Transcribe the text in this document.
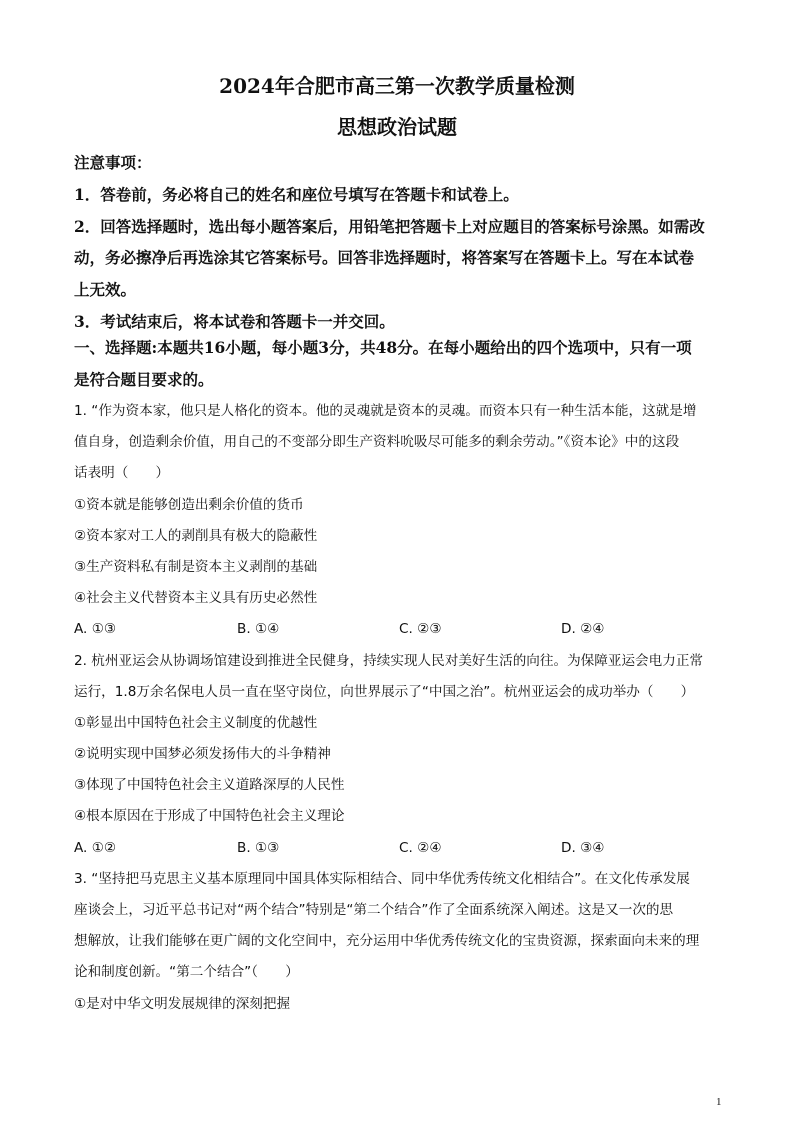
2024年合肥市高三第一次教学质量检测
思想政治试题
注意事项：
1．答卷前，务必将自己的姓名和座位号填写在答题卡和试卷上。
2．回答选择题时，选出每小题答案后，用铅笔把答题卡上对应题目的答案标号涂黑。如需改
动，务必擦净后再选涂其它答案标号。回答非选择题时，将答案写在答题卡上。写在本试卷
上无效。
3．考试结束后，将本试卷和答题卡一并交回。
一、选择题:本题共16小题，每小题3分，共48分。在每小题给出的四个选项中，只有一项
是符合题目要求的。
1. “作为资本家，他只是人格化的资本。他的灵魂就是资本的灵魂。而资本只有一种生活本能，这就是增
值自身，创造剩余价值，用自己的不变部分即生产资料吮吸尽可能多的剩余劳动。”《资本论》中的这段
话表明（　　）
①资本就是能够创造出剩余价值的货币
②资本家对工人的剥削具有极大的隐蔽性
③生产资料私有制是资本主义剥削的基础
④社会主义代替资本主义具有历史必然性
A. ①③	B. ①④	C. ②③	D. ②④
2. 杭州亚运会从协调场馆建设到推进全民健身，持续实现人民对美好生活的向往。为保障亚运会电力正常
运行，1.8万余名保电人员一直在坚守岗位，向世界展示了“中国之治”。杭州亚运会的成功举办（　　）
①彰显出中国特色社会主义制度的优越性
②说明实现中国梦必须发扬伟大的斗争精神
③体现了中国特色社会主义道路深厚的人民性
④根本原因在于形成了中国特色社会主义理论
A. ①②	B. ①③	C. ②④	D. ③④
3. “坚持把马克思主义基本原理同中国具体实际相结合、同中华优秀传统文化相结合”。在文化传承发展
座谈会上，习近平总书记对“两个结合”特别是“第二个结合”作了全面系统深入阐述。这是又一次的思
想解放，让我们能够在更广阔的文化空间中，充分运用中华优秀传统文化的宝贵资源，探索面向未来的理
论和制度创新。“第二个结合”（　　）
①是对中华文明发展规律的深刻把握
1
